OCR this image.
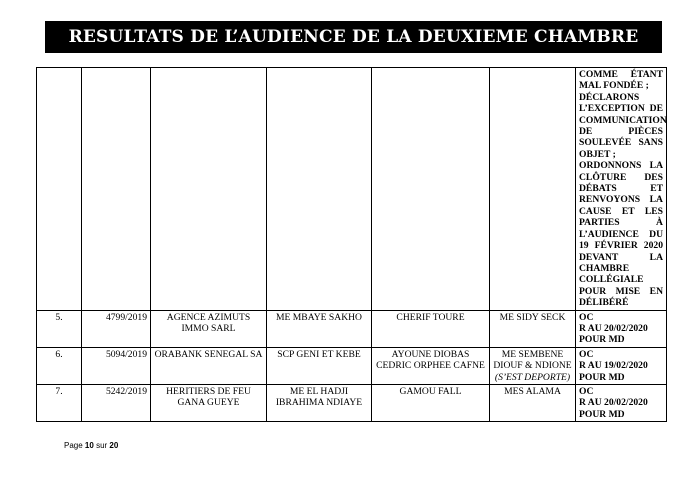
RESULTATS DE L’AUDIENCE DE LA DEUXIEME CHAMBRE

						COMME ÉTANT MAL FONDÉE ;
DÉCLARONS L’EXCEPTION DE COMMUNICATION DE PIÈCES SOULEVÉE SANS OBJET ;
ORDONNONS LA CLÔTURE DES DÉBATS ET RENVOYONS LA CAUSE ET LES PARTIES À L’AUDIENCE DU 19 FÉVRIER 2020 DEVANT LA CHAMBRE COLLÉGIALE POUR MISE EN DÉLIBÉRÉ

5.	4799/2019	AGENCE AZIMUTS IMMO SARL	ME MBAYE SAKHO	CHERIF TOURE	ME SIDY SECK	OC
R AU 20/02/2020
POUR MD

6.	5094/2019	ORABANK SENEGAL SA	SCP GENI ET KEBE	AYOUNE DIOBAS CEDRIC ORPHEE CAFNE	ME SEMBENE DIOUF & NDIONE
(S’EST DEPORTE)	OC
R AU 19/02/2020
POUR MD

7.	5242/2019	HERITIERS DE FEU GANA GUEYE	ME EL HADJI IBRAHIMA NDIAYE	GAMOU FALL	MES ALAMA	OC
R AU 20/02/2020
POUR MD
Page 10 sur 20
